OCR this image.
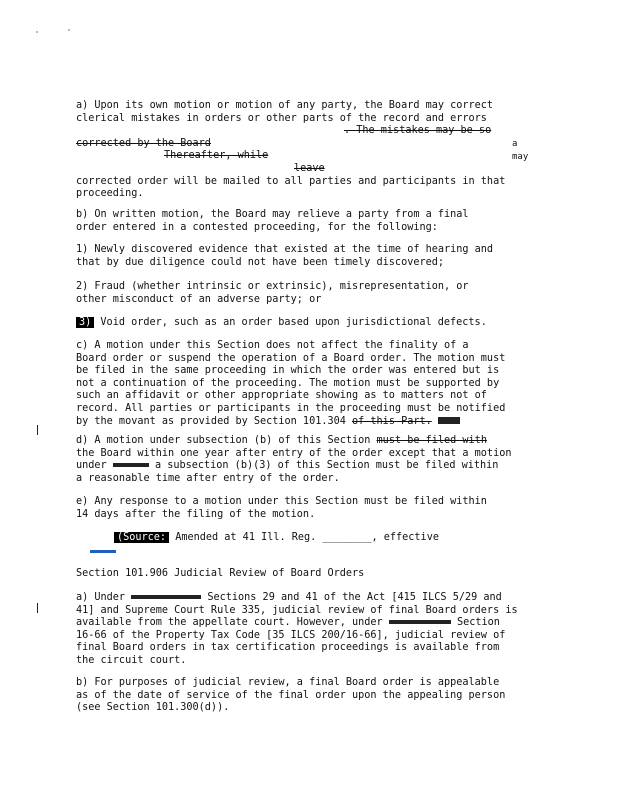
a) Upon its own motion or motion of any party, the Board may correct
clerical mistakes in orders or other parts of the record and errors
. The mistakes may be so
corrected by the Board
Thereafter, while
leave
corrected order will be mailed to all parties and participants in that
proceeding.
a
may
b) On written motion, the Board may relieve a party from a final
order entered in a contested proceeding, for the following:
1) Newly discovered evidence that existed at the time of hearing and
that by due diligence could not have been timely discovered;
2) Fraud (whether intrinsic or extrinsic), misrepresentation, or
other misconduct of an adverse party; or
3) Void order, such as an order based upon jurisdictional defects.
c) A motion under this Section does not affect the finality of a
Board order or suspend the operation of a Board order. The motion must
be filed in the same proceeding in which the order was entered but is
not a continuation of the proceeding. The motion must be supported by
such an affidavit or other appropriate showing as to matters not of
record. All parties or participants in the proceeding must be notified
by the movant as provided by Section 101.304 of this Part.
d) A motion under subsection (b) of this Section must be filed with
the Board within one year after entry of the order except that a motion
under	a subsection (b)(3) of this Section must be filed within
a reasonable time after entry of the order.
e) Any response to a motion under this Section must be filed within
14 days after the filing of the motion.
(Source: Amended at 41 Ill. Reg. ________, effective
Section 101.906 Judicial Review of Board Orders
a) Under	Sections 29 and 41 of the Act [415 ILCS 5/29 and
41] and Supreme Court Rule 335, judicial review of final Board orders is
available from the appellate court. However, under	Section
16-66 of the Property Tax Code [35 ILCS 200/16-66], judicial review of
final Board orders in tax certification proceedings is available from
the circuit court.
b) For purposes of judicial review, a final Board order is appealable
as of the date of service of the final order upon the appealing person
(see Section 101.300(d)).
